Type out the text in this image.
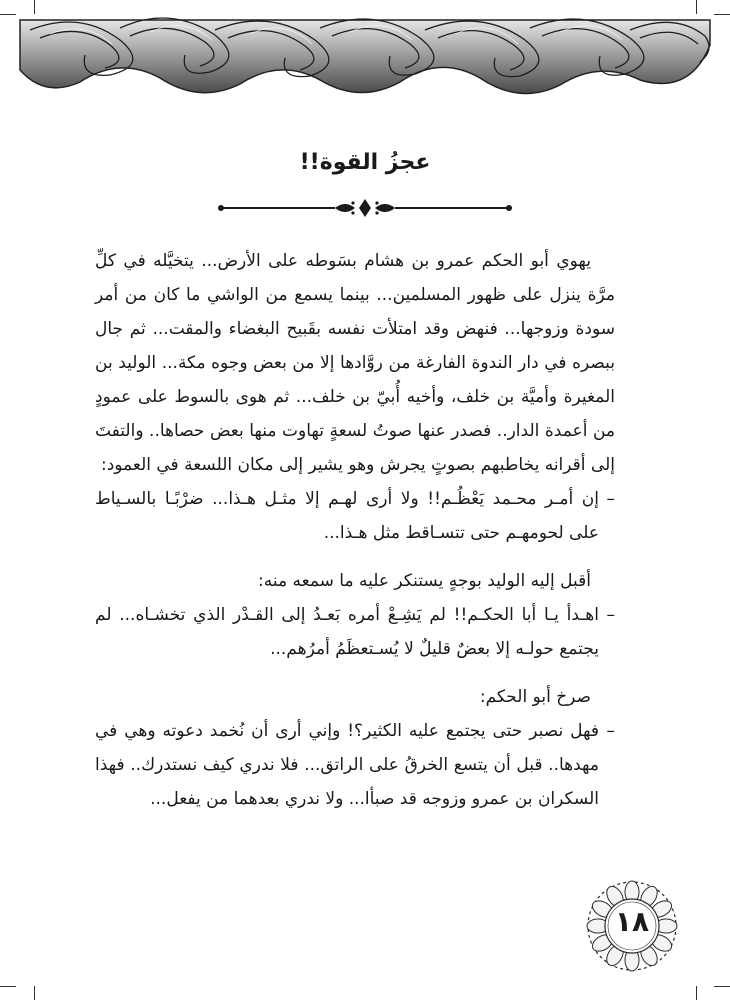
عجزُ القوة!!

يهوي أبو الحكم عمرو بن هشام بسَوطه على الأرض... يتخيَّله في كلِّ مرَّة ينزل على ظهور المسلمين... بينما يسمع من الواشي ما كان من أمر سودة وزوجها... فنهض وقد امتلأت نفسه بقَبيح البغضاء والمقت... ثم جال ببصره في دار الندوة الفارغة من روَّادها إلا من بعض وجوه مكة... الوليد بن المغيرة وأميَّة بن خلف، وأخيه أُبيّ بن خلف... ثم هوى بالسوط على عمودٍ من أعمدة الدار.. فصدر عنها صوتُ لسعةٍ تهاوت منها بعض حصاها.. والتفتَ إلى أقرانه يخاطبهم بصوتٍ يجرش وهو يشير إلى مكان اللسعة في العمود:

–
إن أمـر محـمد يَعْظُـم!! ولا أرى لهـم إلا مثـل هـذا... ضرْبًـا بالسـياط على لحومهـم حتى تتسـاقط مثل هـذا...

أقبل إليه الوليد بوجهٍ يستنكر عليه ما سمعه منه:

–
اهـدأ يـا أبا الحكـم!! لم يَشِـعْ أمره بَعـدُ إلى القـدْر الذي تخشـاه... لم يجتمع حولـه إلا بعضٌ قليلٌ لا يُسـتعظَمُ أمرُهم...

صرخ أبو الحكم:

–
فهل نصبر حتى يجتمع عليه الكثير؟! وإني أرى أن نُخمد دعوته وهي في مهدها.. قبل أن يتسع الخرقُ على الراتق... فلا ندري كيف نستدرك.. فهذا السكران بن عمرو وزوجه قد صبأا... ولا ندري بعدهما من يفعل...

١٨
